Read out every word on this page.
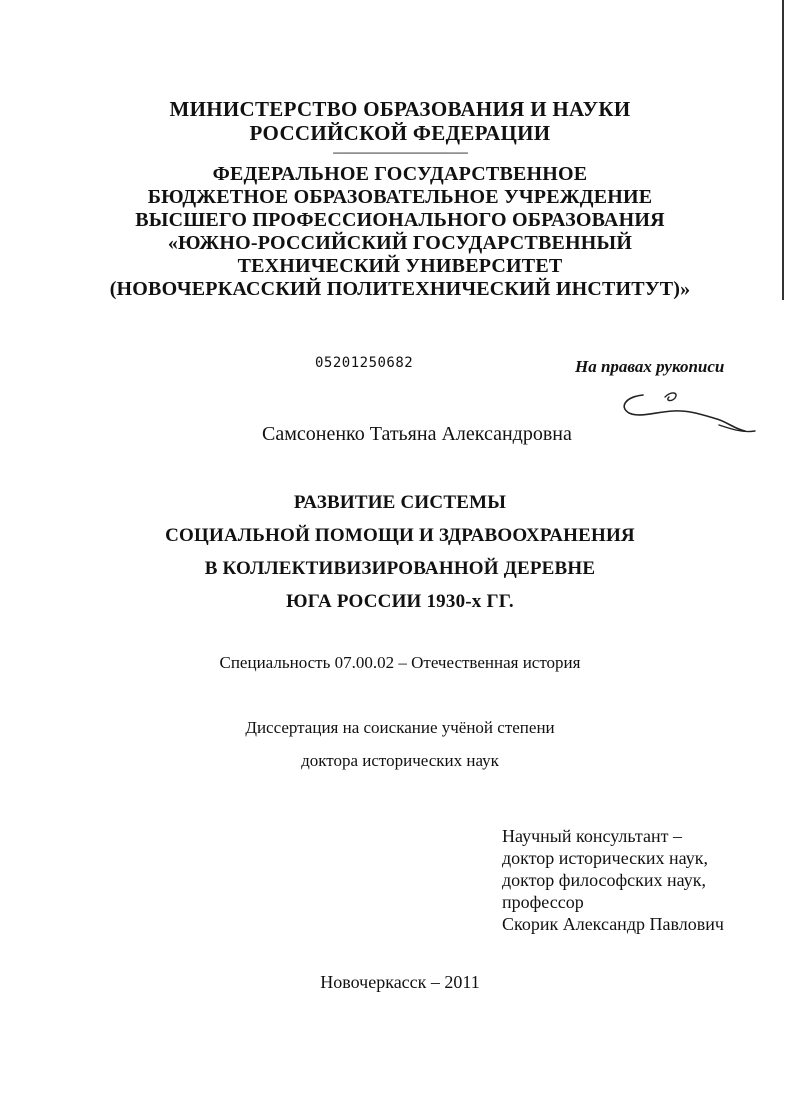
МИНИСТЕРСТВО ОБРАЗОВАНИЯ И НАУКИ
РОССИЙСКОЙ ФЕДЕРАЦИИ
---------------------------------------------
ФЕДЕРАЛЬНОЕ ГОСУДАРСТВЕННОЕ
БЮДЖЕТНОЕ ОБРАЗОВАТЕЛЬНОЕ УЧРЕЖДЕНИЕ
ВЫСШЕГО ПРОФЕССИОНАЛЬНОГО ОБРАЗОВАНИЯ
«ЮЖНО-РОССИЙСКИЙ ГОСУДАРСТВЕННЫЙ
ТЕХНИЧЕСКИЙ УНИВЕРСИТЕТ
(НОВОЧЕРКАССКИЙ ПОЛИТЕХНИЧЕСКИЙ ИНСТИТУТ)»
05201250682	На правах рукописи
Самсоненко Татьяна Александровна
РАЗВИТИЕ СИСТЕМЫ
СОЦИАЛЬНОЙ ПОМОЩИ И ЗДРАВООХРАНЕНИЯ
В КОЛЛЕКТИВИЗИРОВАННОЙ ДЕРЕВНЕ
ЮГА РОССИИ 1930-х ГГ.
Специальность 07.00.02 – Отечественная история
Диссертация на соискание учёной степени
доктора исторических наук
Научный консультант –
доктор исторических наук,
доктор философских наук,
профессор
Скорик Александр Павлович
Новочеркасск – 2011
